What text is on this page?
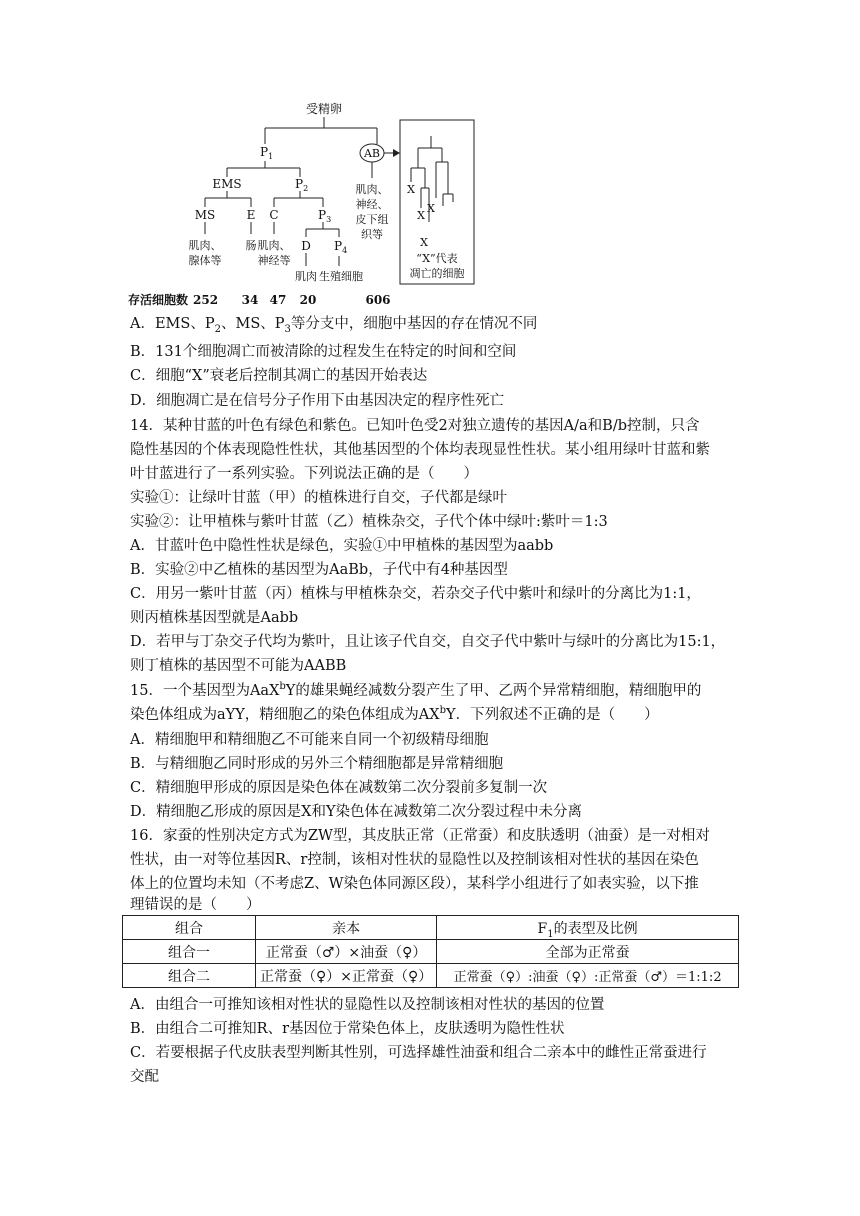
受精卵
$P_1$	AB
EMS	$P_2$
MS	E C	$P_3$
D $P_4$
肌肉、
腺体等
肠 肌肉、
神经等
肌肉 生殖细胞
肌肉、
神经、
皮下组
织等
X
X
X
X
“X”代表
凋亡的细胞
存活细胞数 252 34 47 20	606
A．EMS、$P_2$、MS、$P_3$等分支中，细胞中基因的存在情况不同
B．131个细胞凋亡而被清除的过程发生在特定的时间和空间
C．细胞“X”衰老后控制其凋亡的基因开始表达
D．细胞凋亡是在信号分子作用下由基因决定的程序性死亡
14．某种甘蓝的叶色有绿色和紫色。已知叶色受2对独立遗传的基因A/a和B/b控制，只含
隐性基因的个体表现隐性性状，其他基因型的个体均表现显性性状。某小组用绿叶甘蓝和紫
叶甘蓝进行了一系列实验。下列说法正确的是（　　）
实验①：让绿叶甘蓝（甲）的植株进行自交，子代都是绿叶
实验②：让甲植株与紫叶甘蓝（乙）植株杂交，子代个体中绿叶:紫叶＝1:3
A．甘蓝叶色中隐性性状是绿色，实验①中甲植株的基因型为aabb
B．实验②中乙植株的基因型为AaBb，子代中有4种基因型
C．用另一紫叶甘蓝（丙）植株与甲植株杂交，若杂交子代中紫叶和绿叶的分离比为1:1，
则丙植株基因型就是Aabb
D．若甲与丁杂交子代均为紫叶，且让该子代自交，自交子代中紫叶与绿叶的分离比为15:1，
则丁植株的基因型不可能为AABB
15．一个基因型为AaX$^b$Y的雄果蝇经减数分裂产生了甲、乙两个异常精细胞，精细胞甲的
染色体组成为aYY，精细胞乙的染色体组成为$AX^bY$．下列叙述不正确的是（　　）
A．精细胞甲和精细胞乙不可能来自同一个初级精母细胞
B．与精细胞乙同时形成的另外三个精细胞都是异常精细胞
C．精细胞甲形成的原因是染色体在减数第二次分裂前多复制一次
D．精细胞乙形成的原因是X和Y染色体在减数第二次分裂过程中未分离
16．家蚕的性别决定方式为ZW型，其皮肤正常（正常蚕）和皮肤透明（油蚕）是一对相对
性状，由一对等位基因R、r控制，该相对性状的显隐性以及控制该相对性状的基因在染色
体上的位置均未知（不考虑Z、W染色体同源区段），某科学小组进行了如表实验，以下推
理错误的是（　　）
组合	亲本	$F_1$的表型及比例
组合一	正常蚕（♂）×油蚕（♀）	全部为正常蚕
组合二	正常蚕（♀）×正常蚕（♀）	正常蚕（♀）:油蚕（♀）:正常蚕（♂）＝1:1:2
A．由组合一可推知该相对性状的显隐性以及控制该相对性状的基因的位置
B．由组合二可推知R、r基因位于常染色体上，皮肤透明为隐性性状
C．若要根据子代皮肤表型判断其性别，可选择雄性油蚕和组合二亲本中的雌性正常蚕进行
交配
